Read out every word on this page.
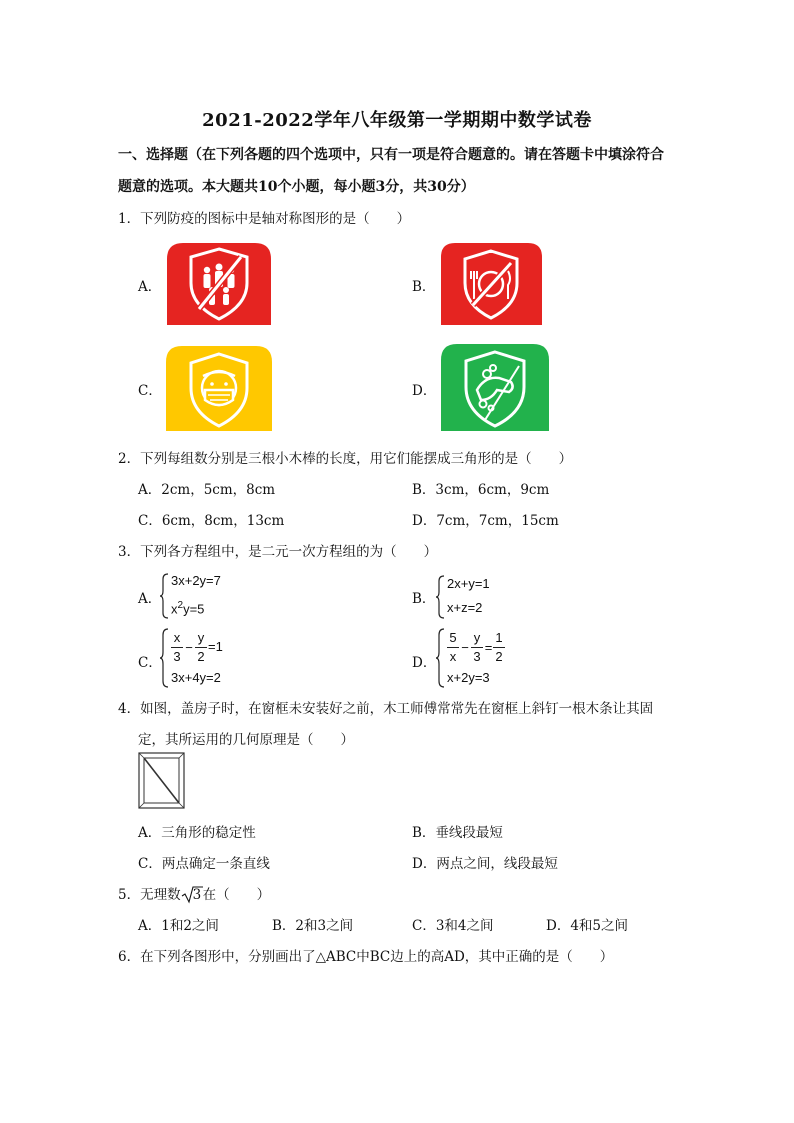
2021-2022学年八年级第一学期期中数学试卷
一、选择题（在下列各题的四个选项中，只有一项是符合题意的。请在答题卡中填涂符合
题意的选项。本大题共10个小题，每小题3分，共30分）
1．下列防疫的图标中是轴对称图形的是（　　）
A．	B．
C．	D．
2．下列每组数分别是三根小木棒的长度，用它们能摆成三角形的是（　　）
A．2cm，5cm，8cm	B．3cm，6cm，9cm
C．6cm，8cm，13cm	D．7cm，7cm，15cm
3．下列各方程组中，是二元一次方程组的为（　　）
A．
3x+2y=7
$x^2y=5$
B．
2x+y=1
x+z=2
C．
x
3
−
y
2
=1
3x+4y=2
D．
5
x
−
y
3
=
1
2
x+2y=3
4．如图，盖房子时，在窗框未安装好之前，木工师傅常常先在窗框上斜钉一根木条让其固
定，其所运用的几何原理是（　　）
A．三角形的稳定性	B．垂线段最短
C．两点确定一条直线	D．两点之间，线段最短
5．无理数 3在（　　）
A．1和2之间	B．2和3之间	C．3和4之间	D．4和5之间
6．在下列各图形中，分别画出了△ABC中BC边上的高AD，其中正确的是（　　）
